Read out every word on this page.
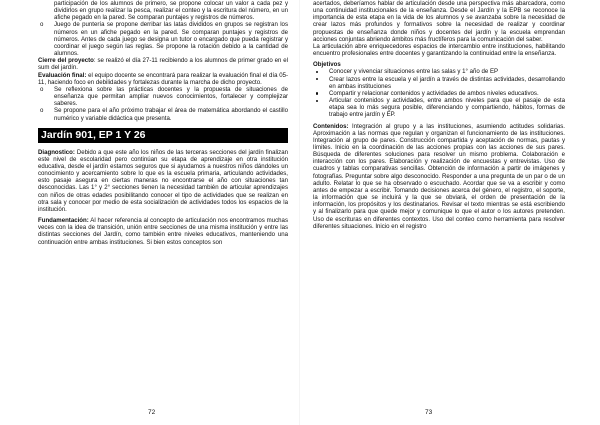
participación de los alumnos de primero, se propone colocar un valor a cada pez y dividirlos en grupo realizar la pesca, realizar el conteo y la escritura del número, en un afiche pegado en la pared. Se comparan puntajes y registros de números.

o Juego de puntería se propone derribar las latas divididos en grupos se registran los números en un afiche pegado en la pared. Se comparan puntajes y registros de números. Antes de cada juego se designa un tutor o encargado que pueda registrar y coordinar el juego según las reglas. Se propone la rotación debido a la cantidad de alumnos.

Cierre del proyecto: se realizó el día 27-11 recibiendo a los alumnos de primer grado en el sum del jardín.

Evaluación final: el equipo docente se encontrará para realizar la evaluación final el día 05-11, haciendo foco en debilidades y fortalezas durante la marcha de dicho proyecto.

o Se reflexiona sobre las prácticas docentes y la propuesta de situaciones de enseñanza que permitan ampliar nuevos conocimientos, fortalecer y complejizar saberes.
o Se propone para el año próximo trabajar el área de matemática abordando el castillo numérico y variable didáctica que presenta.
Jardín 901, EP 1 Y 26

Diagnostico: Debido a que este año los niños de las terceras secciones del jardín finalizan este nivel de escolaridad pero continúan su etapa de aprendizaje en otra institución educativa, desde el jardín estamos seguros que si ayudamos a nuestros niños dándoles un conocimiento y acercamiento sobre lo que es la escuela primaria, articulando actividades, esto pasaje asegura en ciertas maneras no encontrarse el año con situaciones tan desconocidas. Las 1° y 2° secciones tienen la necesidad también de articular aprendizajes con niños de otras edades posibilitando conocer el tipo de actividades que se realizan en otra sala y conocer por medio de esta socialización de actividades todos los espacios de la institución.

Fundamentación: Al hacer referencia al concepto de articulación nos encontramos muchas veces con la idea de transición, unión entre secciones de una misma institución y entre las distintas secciones del Jardín, como también entre niveles educativos, manteniendo una continuación entre ambas instituciones. Si bien estos conceptos son

72

acertados, deberíamos hablar de articulación desde una perspectiva más abarcadora, como una continuidad institucionales de la enseñanza. Desde el Jardín y la EPB se reconoce la importancia de esta etapa en la vida de los alumnos y se avanzaba sobre la necesidad de crear lazos más profundos y formativos sobre la necesidad de realizar y coordinar propuestas de enseñanza donde niños y docentes del jardín y la escuela emprendan acciones conjuntas abriendo ámbitos más fructíferos para la comunicación del saber.

La articulación abre enriquecedores espacios de intercambio entre instituciones, habilitando encuentro profesionales entre docentes y garantizando la continuidad entre la enseñanza.

Objetivos

Conocer y vivenciar situaciones entre las salas y 1° año de EP
Crear lazos entre la escuela y el jardín a través de distintas actividades, desarrollando en ambas instituciones
Compartir y relacionar contenidos y actividades de ambos niveles educativos.
Articular contenidos y actividades, entre ambos niveles para que el pasaje de esta etapa sea lo más segura posible, diferenciando y compartiendo, hábitos, formas de trabajo entre jardín y EP.

Contenidos: Integración al grupo y a las instituciones, asumiendo actitudes solidarias. Aproximación a las normas que regulan y organizan el funcionamiento de las instituciones. Integración al grupo de pares. Construcción compartida y aceptación de normas, pautas y límites. Inicio en la coordinación de las acciones propias con las acciones de sus pares. Búsqueda de diferentes soluciones para resolver un mismo problema. Colaboración e interacción con los pares. Elaboración y realización de encuestas y entrevistas. Uso de cuadros y tablas comparativas sencillas. Obtención de información a partir de imágenes y fotografías. Preguntar sobre algo desconocido. Responder a una pregunta de un par o de un adulto. Relatar lo que se ha observado o escuchado. Acordar que se va a escribir y como antes de empezar a escribir. Tomando decisiones acerca del género, el registro, el soporte, la información que se incluirá y la que se obviará, el orden de presentación de la información, los propósitos y los destinatarios. Revisar el texto mientras se está escribiendo y al finalizarlo para que quede mejor y comunique lo que el autor o los autores pretenden. Uso de escrituras en diferentes contextos. Uso del conteo como herramienta para resolver diferentes situaciones. Inicio en el registro

73
